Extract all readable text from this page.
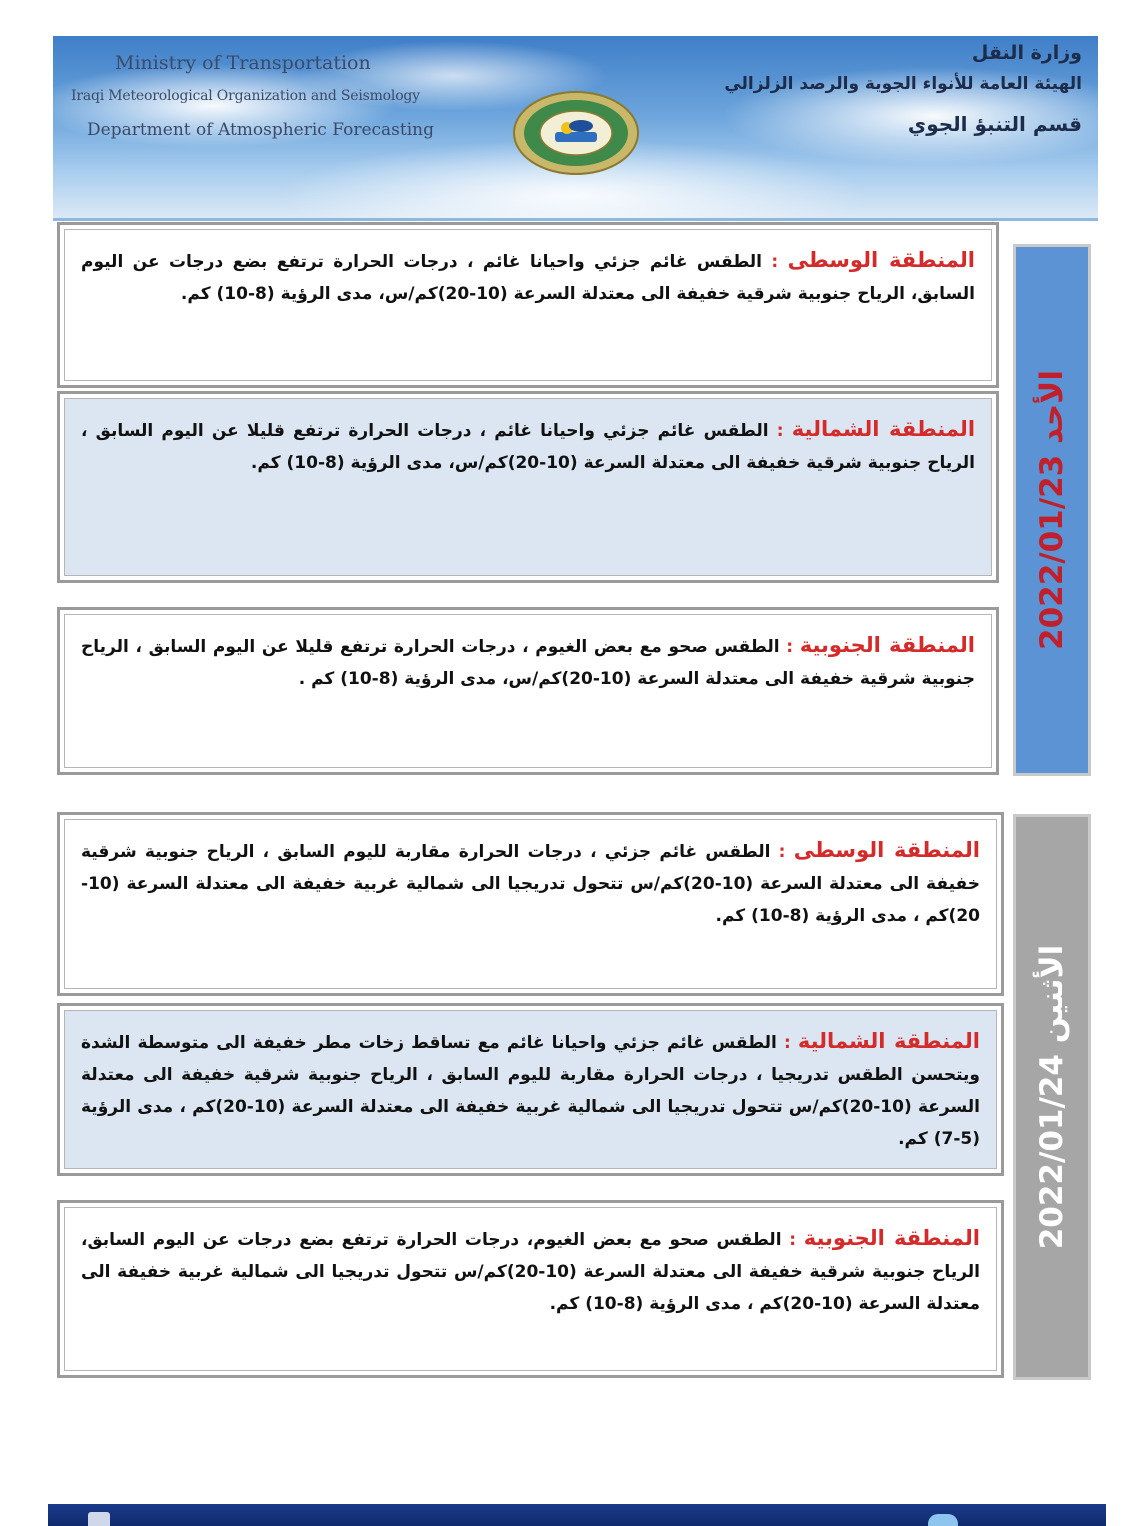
Ministry of Transportation
Iraqi Meteorological Organization and Seismology
Department of Atmospheric Forecasting
وزارة النقل
الهيئة العامة للأنواء الجوية والرصد الزلزالي
قسم التنبؤ الجوي
الأحد 2022/01/23
المنطقة الوسطى : الطقس غائم جزئي واحيانا غائم ، درجات الحرارة ترتفع بضع درجات عن اليوم السابق، الرياح جنوبية شرقية خفيفة الى معتدلة السرعة (10-20)كم/س، مدى الرؤية (8-10) كم.
المنطقة الشمالية : الطقس غائم جزئي واحيانا غائم ، درجات الحرارة ترتفع قليلا عن اليوم السابق ، الرياح جنوبية شرقية خفيفة الى معتدلة السرعة (10-20)كم/س، مدى الرؤية (8-10) كم.
المنطقة الجنوبية : الطقس صحو مع بعض الغيوم ، درجات الحرارة ترتفع قليلا عن اليوم السابق ، الرياح جنوبية شرقية خفيفة الى معتدلة السرعة (10-20)كم/س، مدى الرؤية (8-10) كم .
الأثنين 2022/01/24
المنطقة الوسطى : الطقس غائم جزئي ، درجات الحرارة مقاربة لليوم السابق ، الرياح جنوبية شرقية خفيفة الى معتدلة السرعة (10-20)كم/س تتحول تدريجيا الى شمالية غربية خفيفة الى معتدلة السرعة (10-20)كم ، مدى الرؤية (8-10) كم.
المنطقة الشمالية : الطقس غائم جزئي واحيانا غائم مع تساقط زخات مطر خفيفة الى متوسطة الشدة ويتحسن الطقس تدريجيا ، درجات الحرارة مقاربة لليوم السابق ، الرياح جنوبية شرقية خفيفة الى معتدلة السرعة (10-20)كم/س تتحول تدريجيا الى شمالية غربية خفيفة الى معتدلة السرعة (10-20)كم ، مدى الرؤية (5-7) كم.
المنطقة الجنوبية : الطقس صحو مع بعض الغيوم، درجات الحرارة ترتفع بضع درجات عن اليوم السابق، الرياح جنوبية شرقية خفيفة الى معتدلة السرعة (10-20)كم/س تتحول تدريجيا الى شمالية غربية خفيفة الى معتدلة السرعة (10-20)كم ، مدى الرؤية (8-10) كم.
